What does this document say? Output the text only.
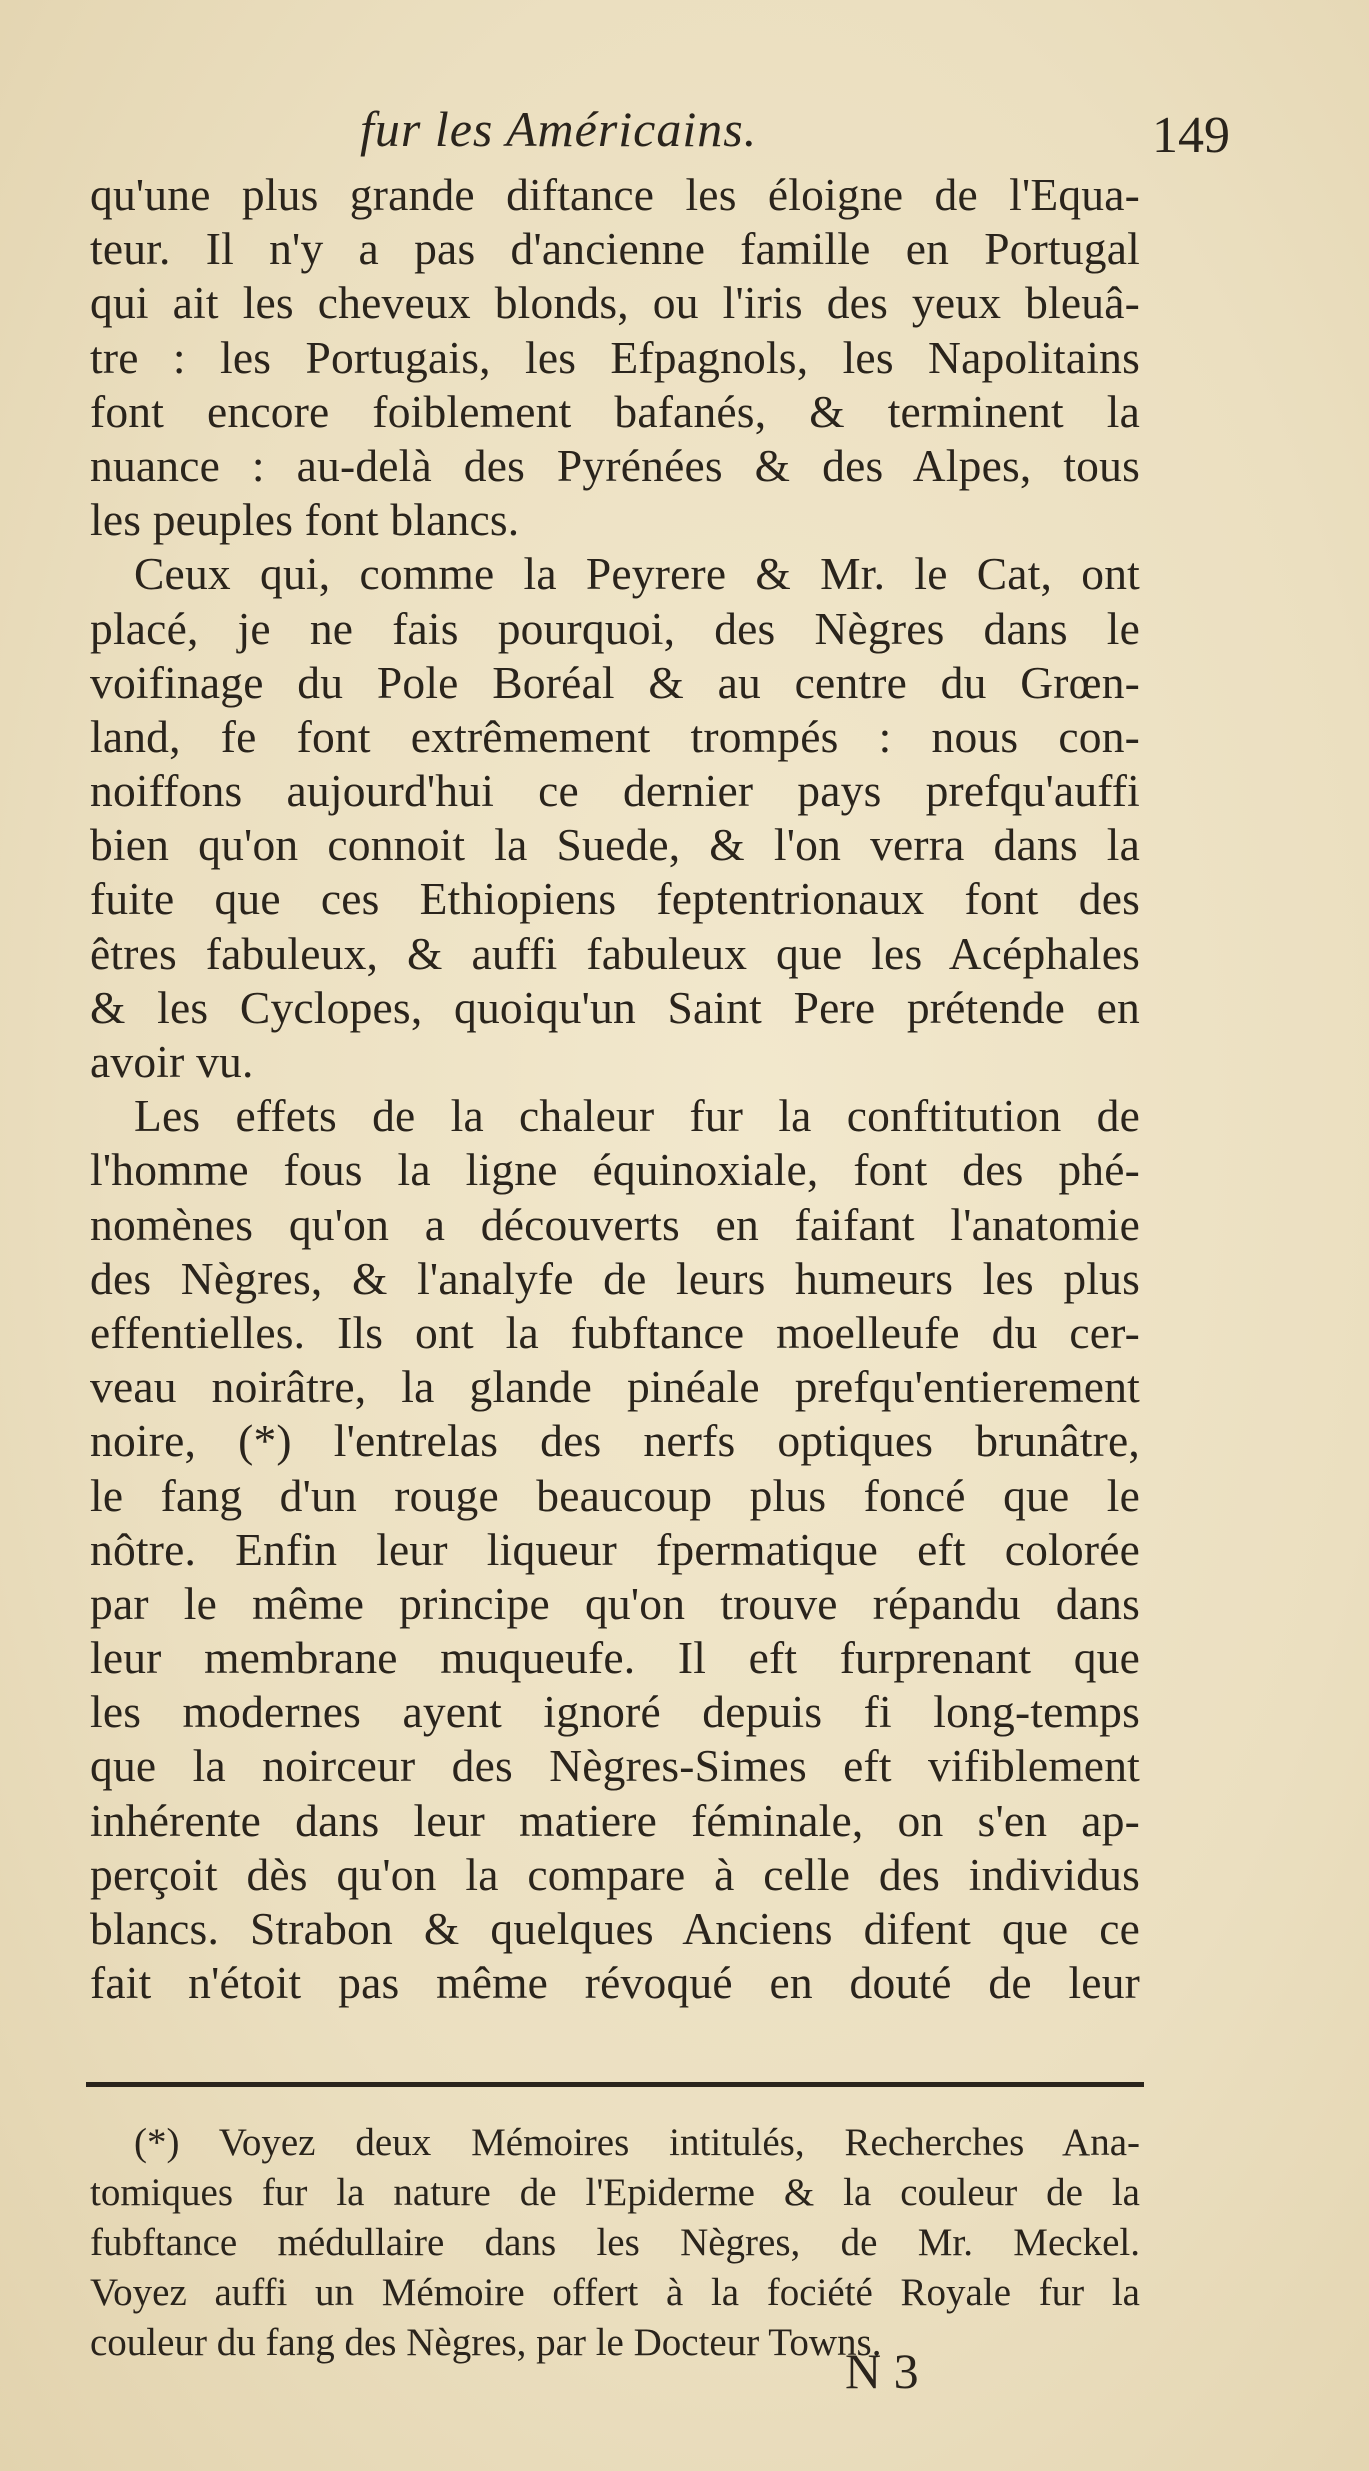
fur les Américains.	149
qu'une plus grande diftance les éloigne de l'Equa-
teur. Il n'y a pas d'ancienne famille en Portugal
qui ait les cheveux blonds, ou l'iris des yeux bleuâ-
tre : les Portugais, les Efpagnols, les Napolitains
font encore foiblement bafanés, & terminent la
nuance : au-delà des Pyrénées & des Alpes, tous
les peuples font blancs.
Ceux qui, comme la Peyrere & Mr. le Cat, ont
placé, je ne fais pourquoi, des Nègres dans le
voifinage du Pole Boréal & au centre du Grœn-
land, fe font extrêmement trompés : nous con-
noiffons aujourd'hui ce dernier pays prefqu'auffi
bien qu'on connoit la Suede, & l'on verra dans la
fuite que ces Ethiopiens feptentrionaux font des
êtres fabuleux, & auffi fabuleux que les Acéphales
& les Cyclopes, quoiqu'un Saint Pere prétende en
avoir vu.
Les effets de la chaleur fur la conftitution de
l'homme fous la ligne équinoxiale, font des phé-
nomènes qu'on a découverts en faifant l'anatomie
des Nègres, & l'analyfe de leurs humeurs les plus
effentielles. Ils ont la fubftance moelleufe du cer-
veau noirâtre, la glande pinéale prefqu'entierement
noire, (*) l'entrelas des nerfs optiques brunâtre,
le fang d'un rouge beaucoup plus foncé que le
nôtre. Enfin leur liqueur fpermatique eft colorée
par le même principe qu'on trouve répandu dans
leur membrane muqueufe. Il eft furprenant que
les modernes ayent ignoré depuis fi long-temps
que la noirceur des Nègres-Simes eft vifiblement
inhérente dans leur matiere féminale, on s'en ap-
perçoit dès qu'on la compare à celle des individus
blancs. Strabon & quelques Anciens difent que ce
fait n'étoit pas même révoqué en douté de leur
(*) Voyez deux Mémoires intitulés, Recherches Ana-
tomiques fur la nature de l'Epiderme & la couleur de la
fubftance médullaire dans les Nègres, de Mr. Meckel.
Voyez auffi un Mémoire offert à la fociété Royale fur la
couleur du fang des Nègres, par le Docteur Towns.
N 3
